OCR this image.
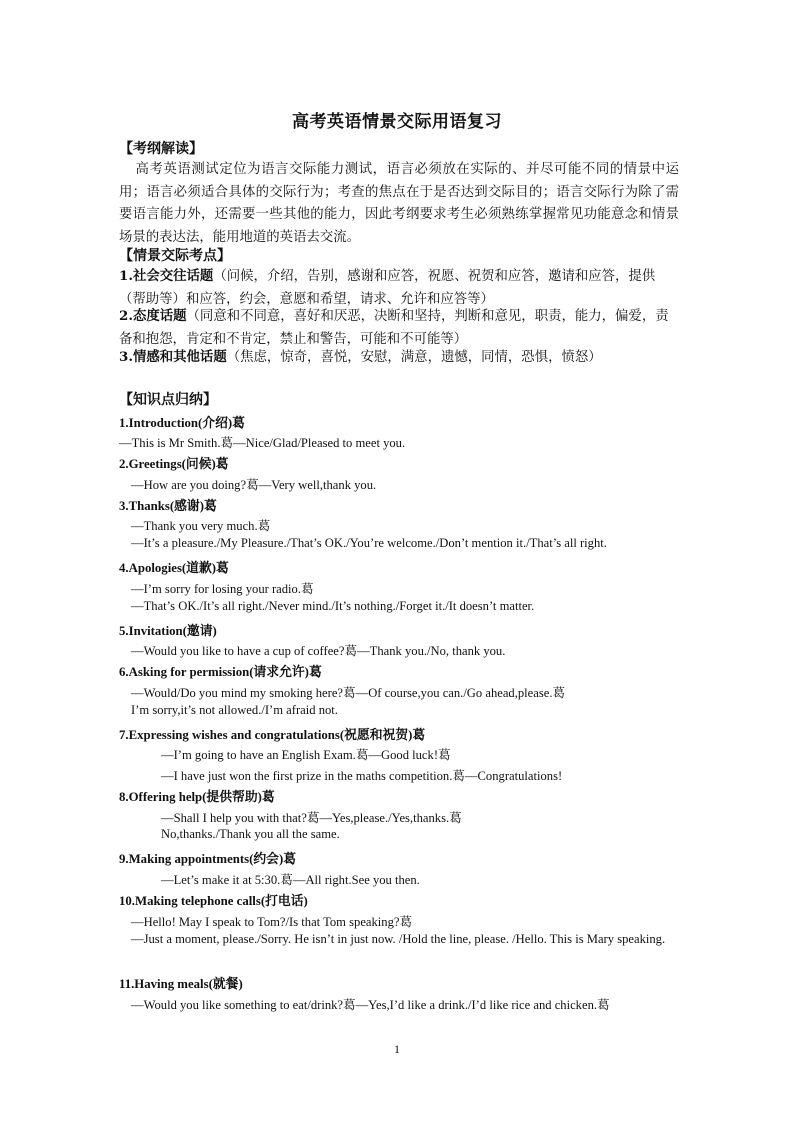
高考英语情景交际用语复习
【考纲解读】
高考英语测试定位为语言交际能力测试，语言必须放在实际的、并尽可能不同的情景中运用；语言必须适合具体的交际行为；考查的焦点在于是否达到交际目的；语言交际行为除了需要语言能力外，还需要一些其他的能力，因此考纲要求考生必须熟练掌握常见功能意念和情景场景的表达法，能用地道的英语去交流。
【情景交际考点】
1.社会交往话题（问候，介绍，告别，感谢和应答，祝愿、祝贺和应答，邀请和应答，提供（帮助等）和应答，约会，意愿和希望，请求、允许和应答等）
2.态度话题（同意和不同意，喜好和厌恶，决断和坚持，判断和意见，职责，能力，偏爱，责备和抱怨，肯定和不肯定，禁止和警告，可能和不可能等）
3.情感和其他话题（焦虑，惊奇，喜悦，安慰，满意，遗憾，同情，恐惧，愤怒）
【知识点归纳】
1.Introduction(介绍)葛
—This is Mr Smith.葛—Nice/Glad/Pleased to meet you.
2.Greetings(问候)葛
—How are you doing?葛—Very well,thank you.
3.Thanks(感谢)葛
—Thank you very much.葛
—It’s a pleasure./My Pleasure./That’s OK./You’re welcome./Don’t mention it./That’s all right.
4.Apologies(道歉)葛
—I’m sorry for losing your radio.葛
—That’s OK./It’s all right./Never mind./It’s nothing./Forget it./It doesn’t matter.
5.Invitation(邀请)
—Would you like to have a cup of coffee?葛—Thank you./No, thank you.
6.Asking for permission(请求允许)葛
—Would/Do you mind my smoking here?葛—Of course,you can./Go ahead,please.葛
I’m sorry,it’s not allowed./I’m afraid not.
7.Expressing wishes and congratulations(祝愿和祝贺)葛
—I’m going to have an English Exam.葛—Good luck!葛
—I have just won the first prize in the maths competition.葛—Congratulations!
8.Offering help(提供帮助)葛
—Shall I help you with that?葛—Yes,please./Yes,thanks.葛
No,thanks./Thank you all the same.
9.Making appointments(约会)葛
—Let’s make it at 5:30.葛—All right.See you then.
10.Making telephone calls(打电话)
—Hello! May I speak to Tom?/Is that Tom speaking?葛
—Just a moment, please./Sorry. He isn’t in just now. /Hold the line, please. /Hello. This is Mary speaking.
11.Having meals(就餐)
—Would you like something to eat/drink?葛—Yes,I’d like a drink./I’d like rice and chicken.葛
1
